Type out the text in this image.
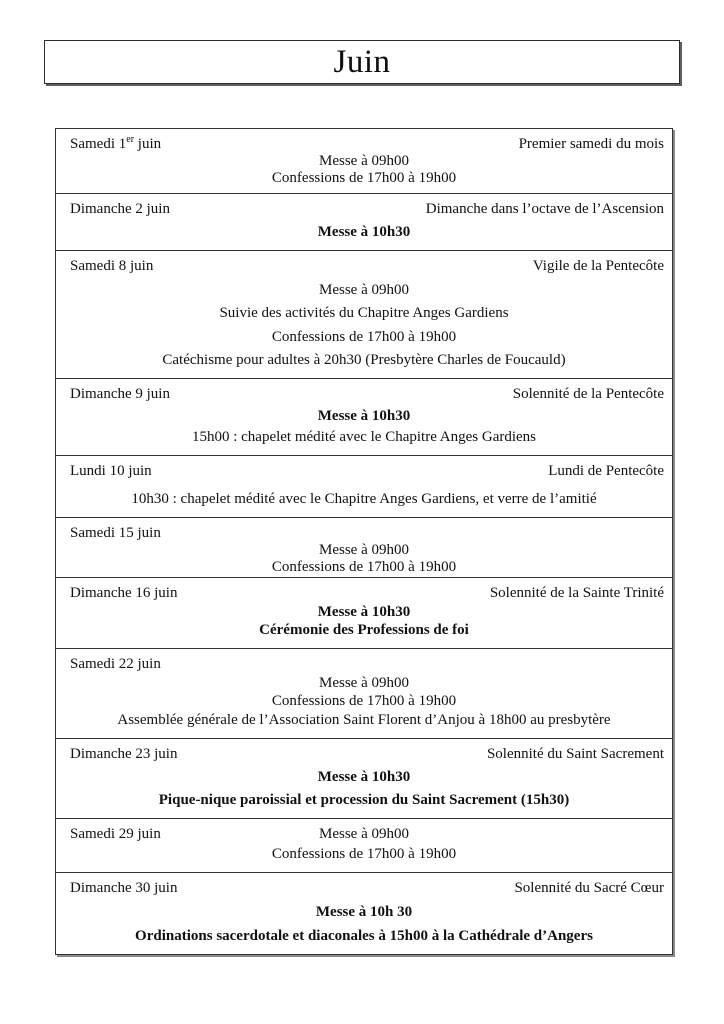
Juin
Samedi 1er juin	Premier samedi du mois
Messe à 09h00
Confessions de 17h00 à 19h00
Dimanche 2 juin	Dimanche dans l’octave de l’Ascension
Messe à 10h30
Samedi 8 juin	Vigile de la Pentecôte
Messe à 09h00
Suivie des activités du Chapitre Anges Gardiens
Confessions de 17h00 à 19h00
Catéchisme pour adultes à 20h30 (Presbytère Charles de Foucauld)
Dimanche 9 juin	Solennité de la Pentecôte
Messe à 10h30
15h00 : chapelet médité avec le Chapitre Anges Gardiens
Lundi 10 juin	Lundi de Pentecôte
10h30 : chapelet médité avec le Chapitre Anges Gardiens, et verre de l’amitié
Samedi 15 juin
Messe à 09h00
Confessions de 17h00 à 19h00
Dimanche 16 juin	Solennité de la Sainte Trinité
Messe à 10h30
Cérémonie des Professions de foi
Samedi 22 juin
Messe à 09h00
Confessions de 17h00 à 19h00
Assemblée générale de l’Association Saint Florent d’Anjou à 18h00 au presbytère
Dimanche 23 juin	Solennité du Saint Sacrement
Messe à 10h30
Pique-nique paroissial et procession du Saint Sacrement (15h30)
Samedi 29 juin	Messe à 09h00
Confessions de 17h00 à 19h00
Dimanche 30 juin	Solennité du Sacré Cœur
Messe à 10h 30
Ordinations sacerdotale et diaconales à 15h00 à la Cathédrale d’Angers
